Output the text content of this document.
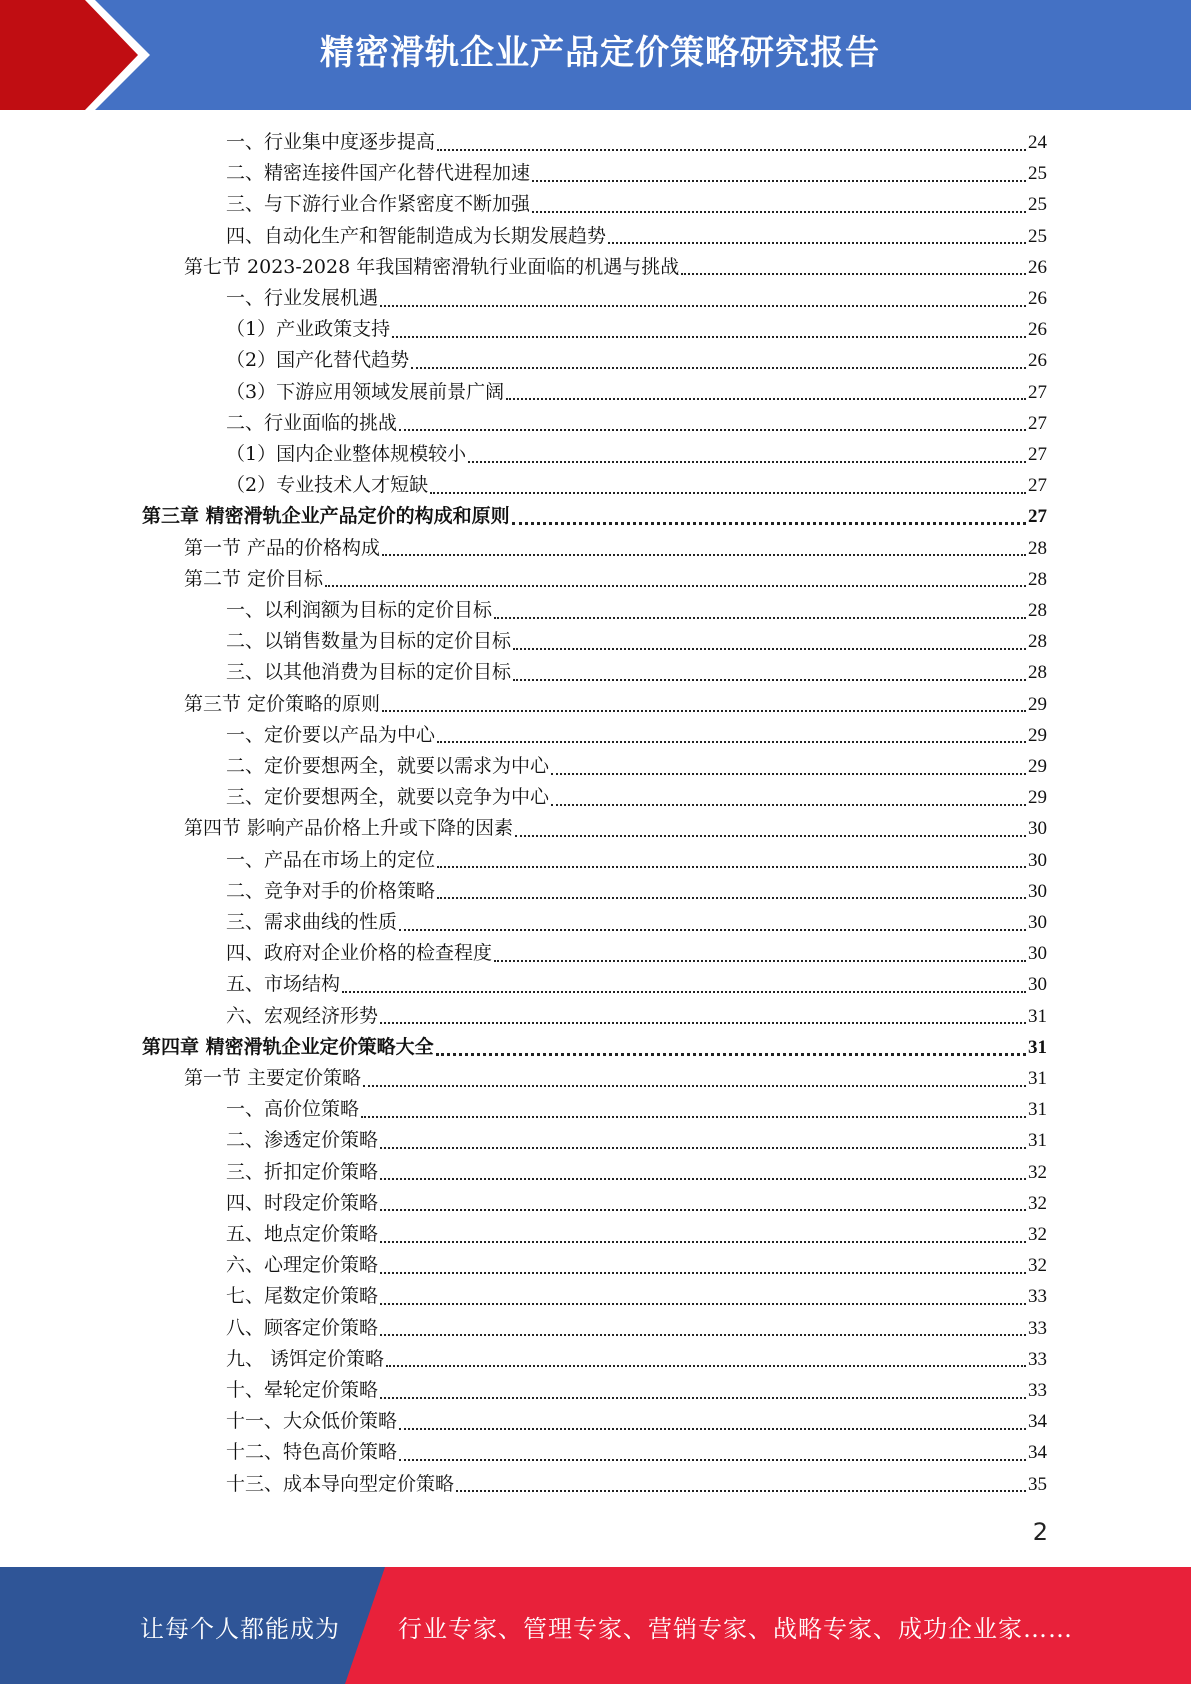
精密滑轨企业产品定价策略研究报告
一、行业集中度逐步提高	24
二、精密连接件国产化替代进程加速	25
三、与下游行业合作紧密度不断加强	25
四、自动化生产和智能制造成为长期发展趋势	25
第七节 2023-2028 年我国精密滑轨行业面临的机遇与挑战	26
一、行业发展机遇	26
（1）产业政策支持	26
（2）国产化替代趋势	26
（3）下游应用领域发展前景广阔	27
二、行业面临的挑战	27
（1）国内企业整体规模较小	27
（2）专业技术人才短缺	27
第三章 精密滑轨企业产品定价的构成和原则	27
第一节 产品的价格构成	28
第二节 定价目标	28
一、以利润额为目标的定价目标	28
二、以销售数量为目标的定价目标	28
三、以其他消费为目标的定价目标	28
第三节 定价策略的原则	29
一、定价要以产品为中心	29
二、定价要想两全，就要以需求为中心	29
三、定价要想两全，就要以竞争为中心	29
第四节 影响产品价格上升或下降的因素	30
一、产品在市场上的定位	30
二、竞争对手的价格策略	30
三、需求曲线的性质	30
四、政府对企业价格的检查程度	30
五、市场结构	30
六、宏观经济形势	31
第四章 精密滑轨企业定价策略大全	31
第一节 主要定价策略	31
一、高价位策略	31
二、渗透定价策略	31
三、折扣定价策略	32
四、时段定价策略	32
五、地点定价策略	32
六、心理定价策略	32
七、尾数定价策略	33
八、顾客定价策略	33
九、 诱饵定价策略	33
十、晕轮定价策略	33
十一、大众低价策略	34
十二、特色高价策略	34
十三、成本导向型定价策略	35
2
让每个人都能成为 行业专家、管理专家、营销专家、战略专家、成功企业家……
